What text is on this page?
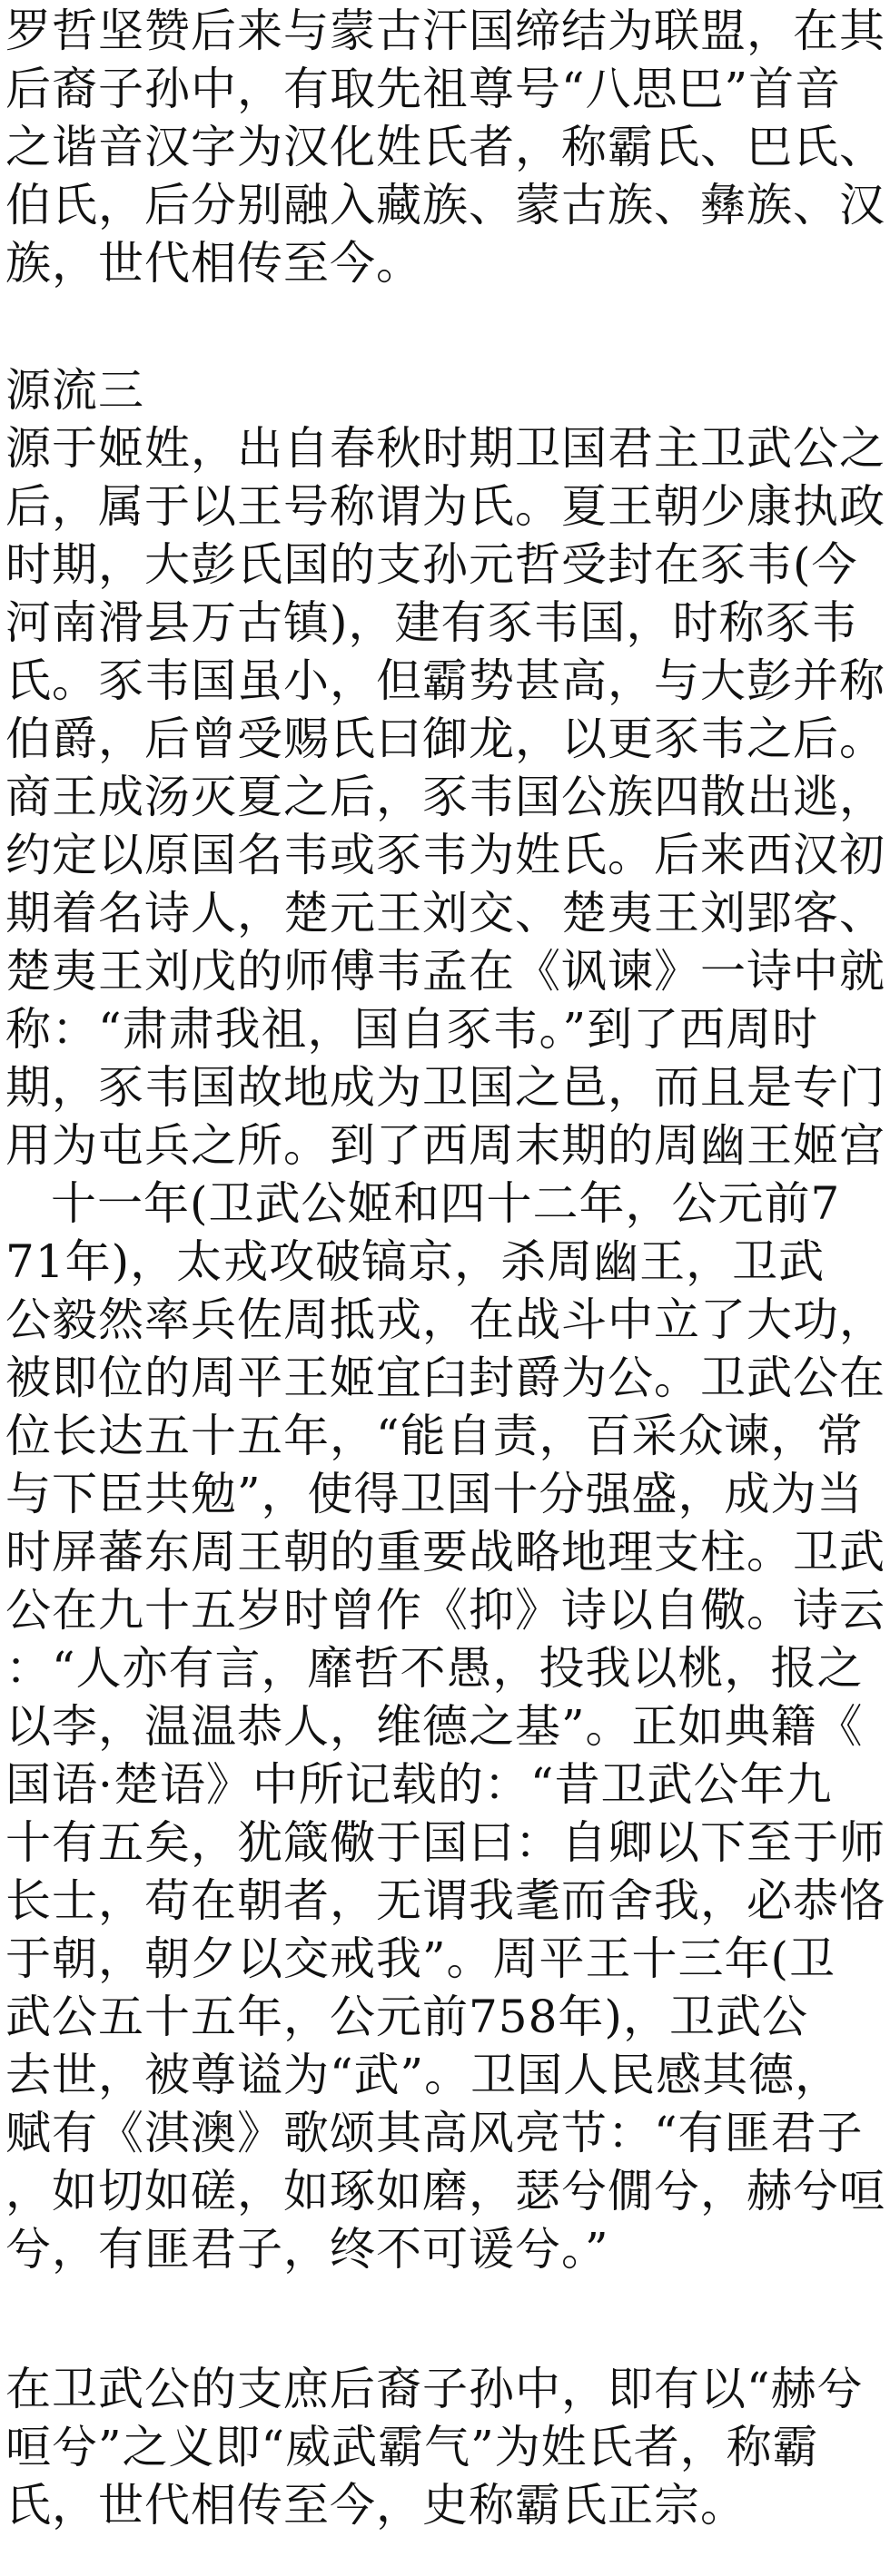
罗哲坚赞后来与蒙古汗国缔结为联盟，在其
后裔子孙中，有取先祖尊号“八思巴”首音
之谐音汉字为汉化姓氏者，称霸氏、巴氏、
伯氏，后分别融入藏族、蒙古族、彝族、汉
族，世代相传至今。
源流三
源于姬姓，出自春秋时期卫国君主卫武公之
后，属于以王号称谓为氏。夏王朝少康执政
时期，大彭氏国的支孙元哲受封在豕韦(今
河南滑县万古镇)，建有豕韦国，时称豕韦
氏。豕韦国虽小，但霸势甚高，与大彭并称
伯爵，后曾受赐氏曰御龙，以更豕韦之后。
商王成汤灭夏之后，豕韦国公族四散出逃，
约定以原国名韦或豕韦为姓氏。后来西汉初
期着名诗人，楚元王刘交、楚夷王刘郢客、
楚夷王刘戊的师傅韦孟在《讽谏》一诗中就
称：“肃肃我祖，国自豕韦。”到了西周时
期，豕韦国故地成为卫国之邑，而且是专门
用为屯兵之所。到了西周末期的周幽王姬宫
十一年(卫武公姬和四十二年，公元前7
71年)，太戎攻破镐京，杀周幽王，卫武
公毅然率兵佐周抵戎，在战斗中立了大功，
被即位的周平王姬宜臼封爵为公。卫武公在
位长达五十五年，“能自责，百采众谏，常
与下臣共勉”，使得卫国十分强盛，成为当
时屏蕃东周王朝的重要战略地理支柱。卫武
公在九十五岁时曾作《抑》诗以自儆。诗云
：“人亦有言，靡哲不愚，投我以桃，报之
以李，温温恭人，维德之基”。正如典籍《
国语·楚语》中所记载的：“昔卫武公年九
十有五矣，犹箴儆于国曰：自卿以下至于师
长士，苟在朝者，无谓我耄而舍我，必恭恪
于朝，朝夕以交戒我”。周平王十三年(卫
武公五十五年，公元前758年)，卫武公
去世，被尊谥为“武”。卫国人民感其德，
赋有《淇澳》歌颂其高风亮节：“有匪君子
，如切如磋，如琢如磨，瑟兮僩兮，赫兮咺
兮，有匪君子，终不可谖兮。”
在卫武公的支庶后裔子孙中，即有以“赫兮
咺兮”之义即“威武霸气”为姓氏者，称霸
氏，世代相传至今，史称霸氏正宗。
